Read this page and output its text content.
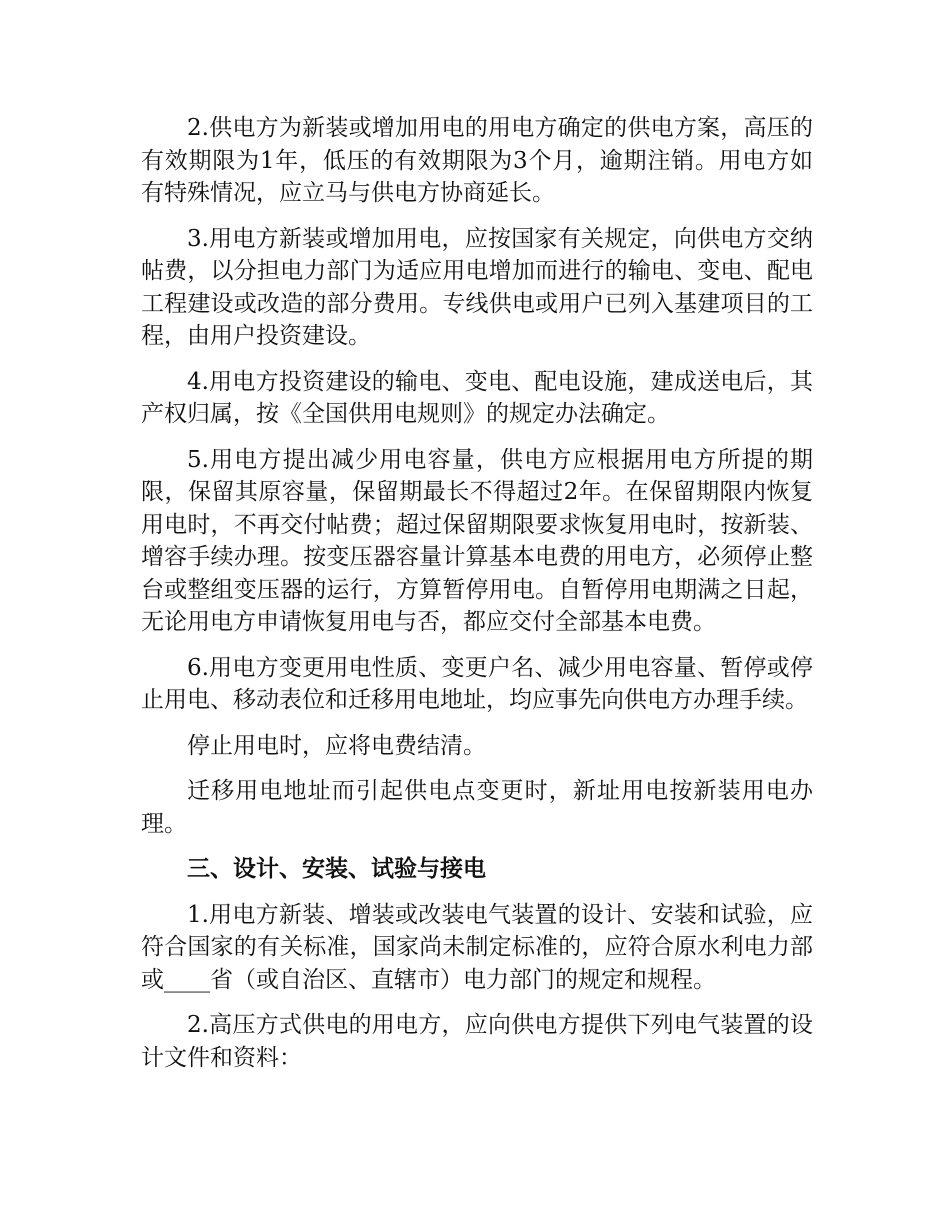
2.供电方为新装或增加用电的用电方确定的供电方案，高压的有效期限为1年，低压的有效期限为3个月，逾期注销。用电方如有特殊情况，应立马与供电方协商延长。

3.用电方新装或增加用电，应按国家有关规定，向供电方交纳帖费，以分担电力部门为适应用电增加而进行的输电、变电、配电工程建设或改造的部分费用。专线供电或用户已列入基建项目的工程，由用户投资建设。

4.用电方投资建设的输电、变电、配电设施，建成送电后，其产权归属，按《全国供用电规则》的规定办法确定。

5.用电方提出减少用电容量，供电方应根据用电方所提的期限，保留其原容量，保留期最长不得超过2年。在保留期限内恢复用电时，不再交付帖费；超过保留期限要求恢复用电时，按新装、增容手续办理。按变压器容量计算基本电费的用电方，必须停止整台或整组变压器的运行，方算暂停用电。自暂停用电期满之日起，无论用电方申请恢复用电与否，都应交付全部基本电费。

6.用电方变更用电性质、变更户名、减少用电容量、暂停或停止用电、移动表位和迁移用电地址，均应事先向供电方办理手续。

停止用电时，应将电费结清。

迁移用电地址而引起供电点变更时，新址用电按新装用电办理。

三、设计、安装、试验与接电

1.用电方新装、增装或改装电气装置的设计、安装和试验，应符合国家的有关标准，国家尚未制定标准的，应符合原水利电力部或____省（或自治区、直辖市）电力部门的规定和规程。

2.高压方式供电的用电方，应向供电方提供下列电气装置的设计文件和资料：
